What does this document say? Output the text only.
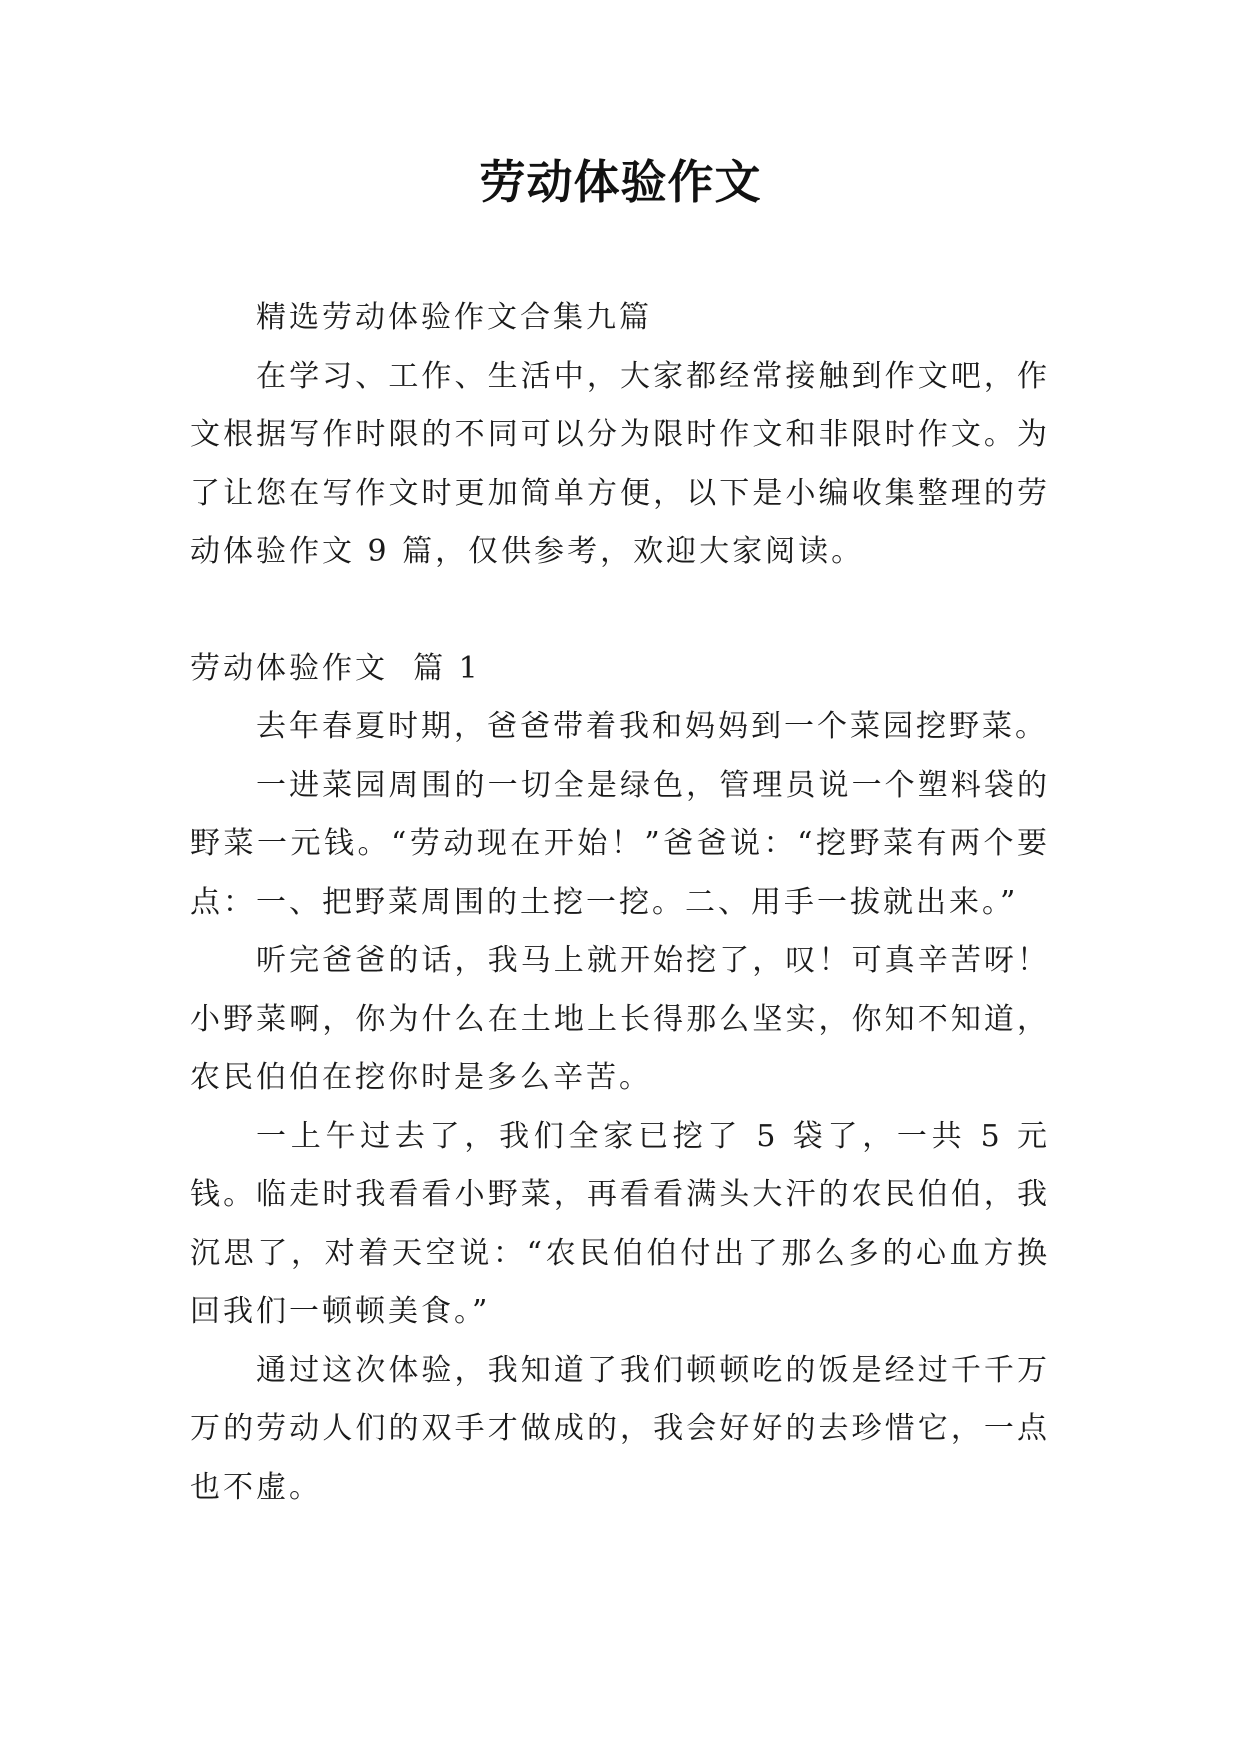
劳动体验作文

精选劳动体验作文合集九篇

在学习、工作、生活中，大家都经常接触到作文吧，作文根据写作时限的不同可以分为限时作文和非限时作文。为了让您在写作文时更加简单方便，以下是小编收集整理的劳动体验作文 9 篇，仅供参考，欢迎大家阅读。

劳动体验作文  篇 1

去年春夏时期，爸爸带着我和妈妈到一个菜园挖野菜。

一进菜园周围的一切全是绿色，管理员说一个塑料袋的野菜一元钱。“劳动现在开始！”爸爸说：“挖野菜有两个要点：一、把野菜周围的土挖一挖。二、用手一拔就出来。”

听完爸爸的话，我马上就开始挖了，叹！可真辛苦呀！小野菜啊，你为什么在土地上长得那么坚实，你知不知道，农民伯伯在挖你时是多么辛苦。

一上午过去了，我们全家已挖了 5 袋了，一共 5 元钱。临走时我看看小野菜，再看看满头大汗的农民伯伯，我沉思了，对着天空说：“农民伯伯付出了那么多的心血方换回我们一顿顿美食。”

通过这次体验，我知道了我们顿顿吃的饭是经过千千万万的劳动人们的双手才做成的，我会好好的去珍惜它，一点也不虚。
